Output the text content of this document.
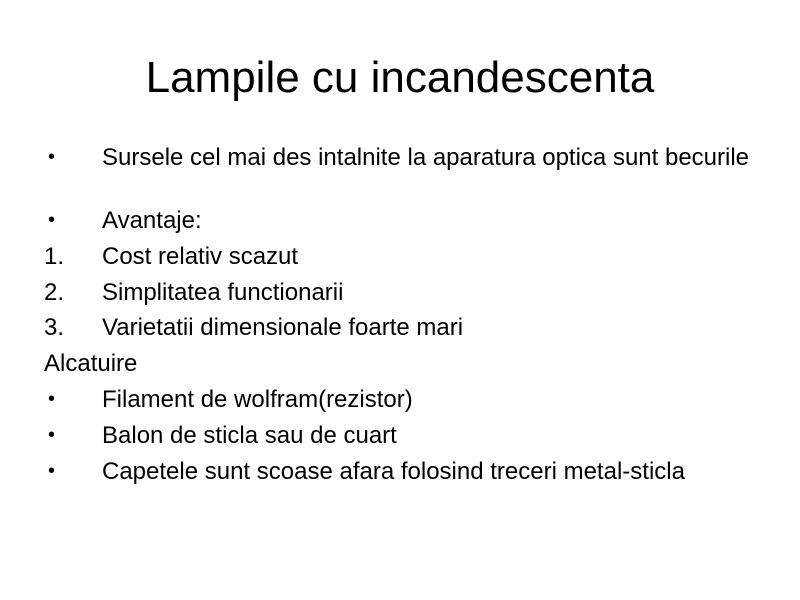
Lampile cu incandescenta
•	Sursele cel mai des intalnite la aparatura optica sunt becurile
•	Avantaje:
1.	Cost relativ scazut
2.	Simplitatea functionarii
3.	Varietatii dimensionale foarte mari
Alcatuire
•	Filament de wolfram(rezistor)
•	Balon de sticla sau de cuart
•	Capetele sunt scoase afara folosind treceri metal-sticla
